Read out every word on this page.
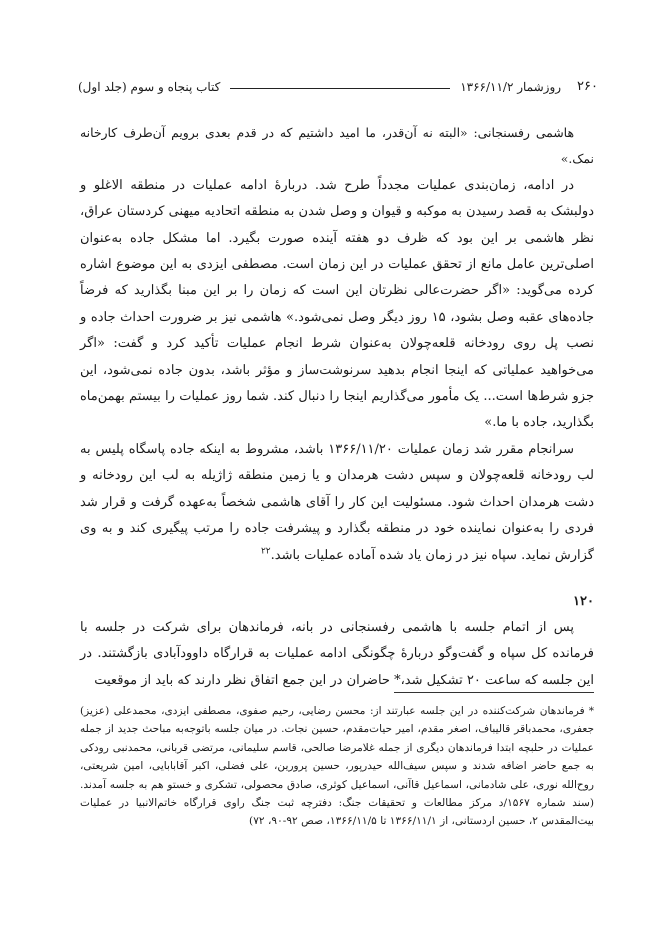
۲۶۰
روزشمار ۱۳۶۶/۱۱/۲
کتاب پنجاه و سوم (جلد اول)

هاشمی رفسنجانی: «البته نه آن‌قدر، ما امید داشتیم که در قدم بعدی برویم آن‌طرف کارخانه نمک.»

در ادامه، زمان‌بندی عملیات مجدداً طرح شد. دربارهٔ ادامه عملیات در منطقه الاغلو و دولبشک به قصد رسیدن به موکبه و قیوان و وصل شدن به منطقه اتحادیه میهنی کردستان عراق، نظر هاشمی بر این بود که ظرف دو هفته آینده صورت بگیرد. اما مشکل جاده به‌عنوان اصلی‌ترین عامل مانع از تحقق عملیات در این زمان است. مصطفی ایزدی به این موضوع اشاره کرده می‌گوید: «اگر حضرت‌عالی نظرتان این است که زمان را بر این مبنا بگذارید که فرضاً جاده‌های عقبه وصل بشود، ۱۵ روز دیگر وصل نمی‌شود.» هاشمی نیز بر ضرورت احداث جاده و نصب پل روی رودخانه قلعه‌چولان به‌عنوان شرط انجام عملیات تأکید کرد و گفت: «اگر می‌خواهید عملیاتی که اینجا انجام بدهید سرنوشت‌ساز و مؤثر باشد، بدون جاده نمی‌شود، این جزو شرط‌ها است... یک مأمور می‌گذاریم اینجا را دنبال کند. شما روز عملیات را بیستم بهمن‌ماه بگذارید، جاده با ما.»

سرانجام مقرر شد زمان عملیات ۱۳۶۶/۱۱/۲۰ باشد، مشروط به اینکه جاده پاسگاه پلیس به لب رودخانه قلعه‌چولان و سپس دشت هرمدان و یا زمین منطقه ژاژیله به لب این رودخانه و دشت هرمدان احداث شود. مسئولیت این کار را آقای هاشمی شخصاً به‌عهده گرفت و قرار شد فردی را به‌عنوان نماینده خود در منطقه بگذارد و پیشرفت جاده را مرتب پیگیری کند و به وی گزارش نماید. سپاه نیز در زمان یاد شده آماده عملیات باشد.$^{۲۲}$

۱۲۰

پس از اتمام جلسه با هاشمی رفسنجانی در بانه، فرماندهان برای شرکت در جلسه با فرمانده کل سپاه و گفت‌وگو دربارهٔ چگونگی ادامه عملیات به قرارگاه داوودآبادی بازگشتند. در این جلسه که ساعت ۲۰ تشکیل شد،* حاضران در این جمع اتفاق نظر دارند که باید از موقعیت

*فرماندهان شرکت‌کننده در این جلسه عبارتند از: محسن رضایی، رحیم صفوی، مصطفی ایزدی، محمدعلی (عزیز) جعفری، محمدباقر قالیباف، اصغر مقدم، امیر حیات‌مقدم، حسین نجات. در میان جلسه باتوجه‌به مباحث جدید از جمله عملیات در حلبچه ابتدا فرماندهان دیگری از جمله غلامرضا صالحی، قاسم سلیمانی، مرتضی قربانی، محمدنبی رودکی به جمع حاضر اضافه شدند و سپس سیف‌الله حیدرپور، حسین پرورین، علی فضلی، اکبر آقابابایی، امین شریعتی، روح‌الله نوری، علی شادمانی، اسماعیل قاآنی، اسماعیل کوثری، صادق محصولی، تشکری و خستو هم به جلسه آمدند. (سند شماره ۱۵۶۷/د مرکز مطالعات و تحقیقات جنگ: دفترچه ثبت جنگ راوی قرارگاه خاتم‌الانبیا در عملیات بیت‌المقدس ۲، حسین اردستانی، از ۱۳۶۶/۱۱/۱ تا ۱۳۶۶/۱۱/۵، صص ۹۲-۹۰، ۷۲)
